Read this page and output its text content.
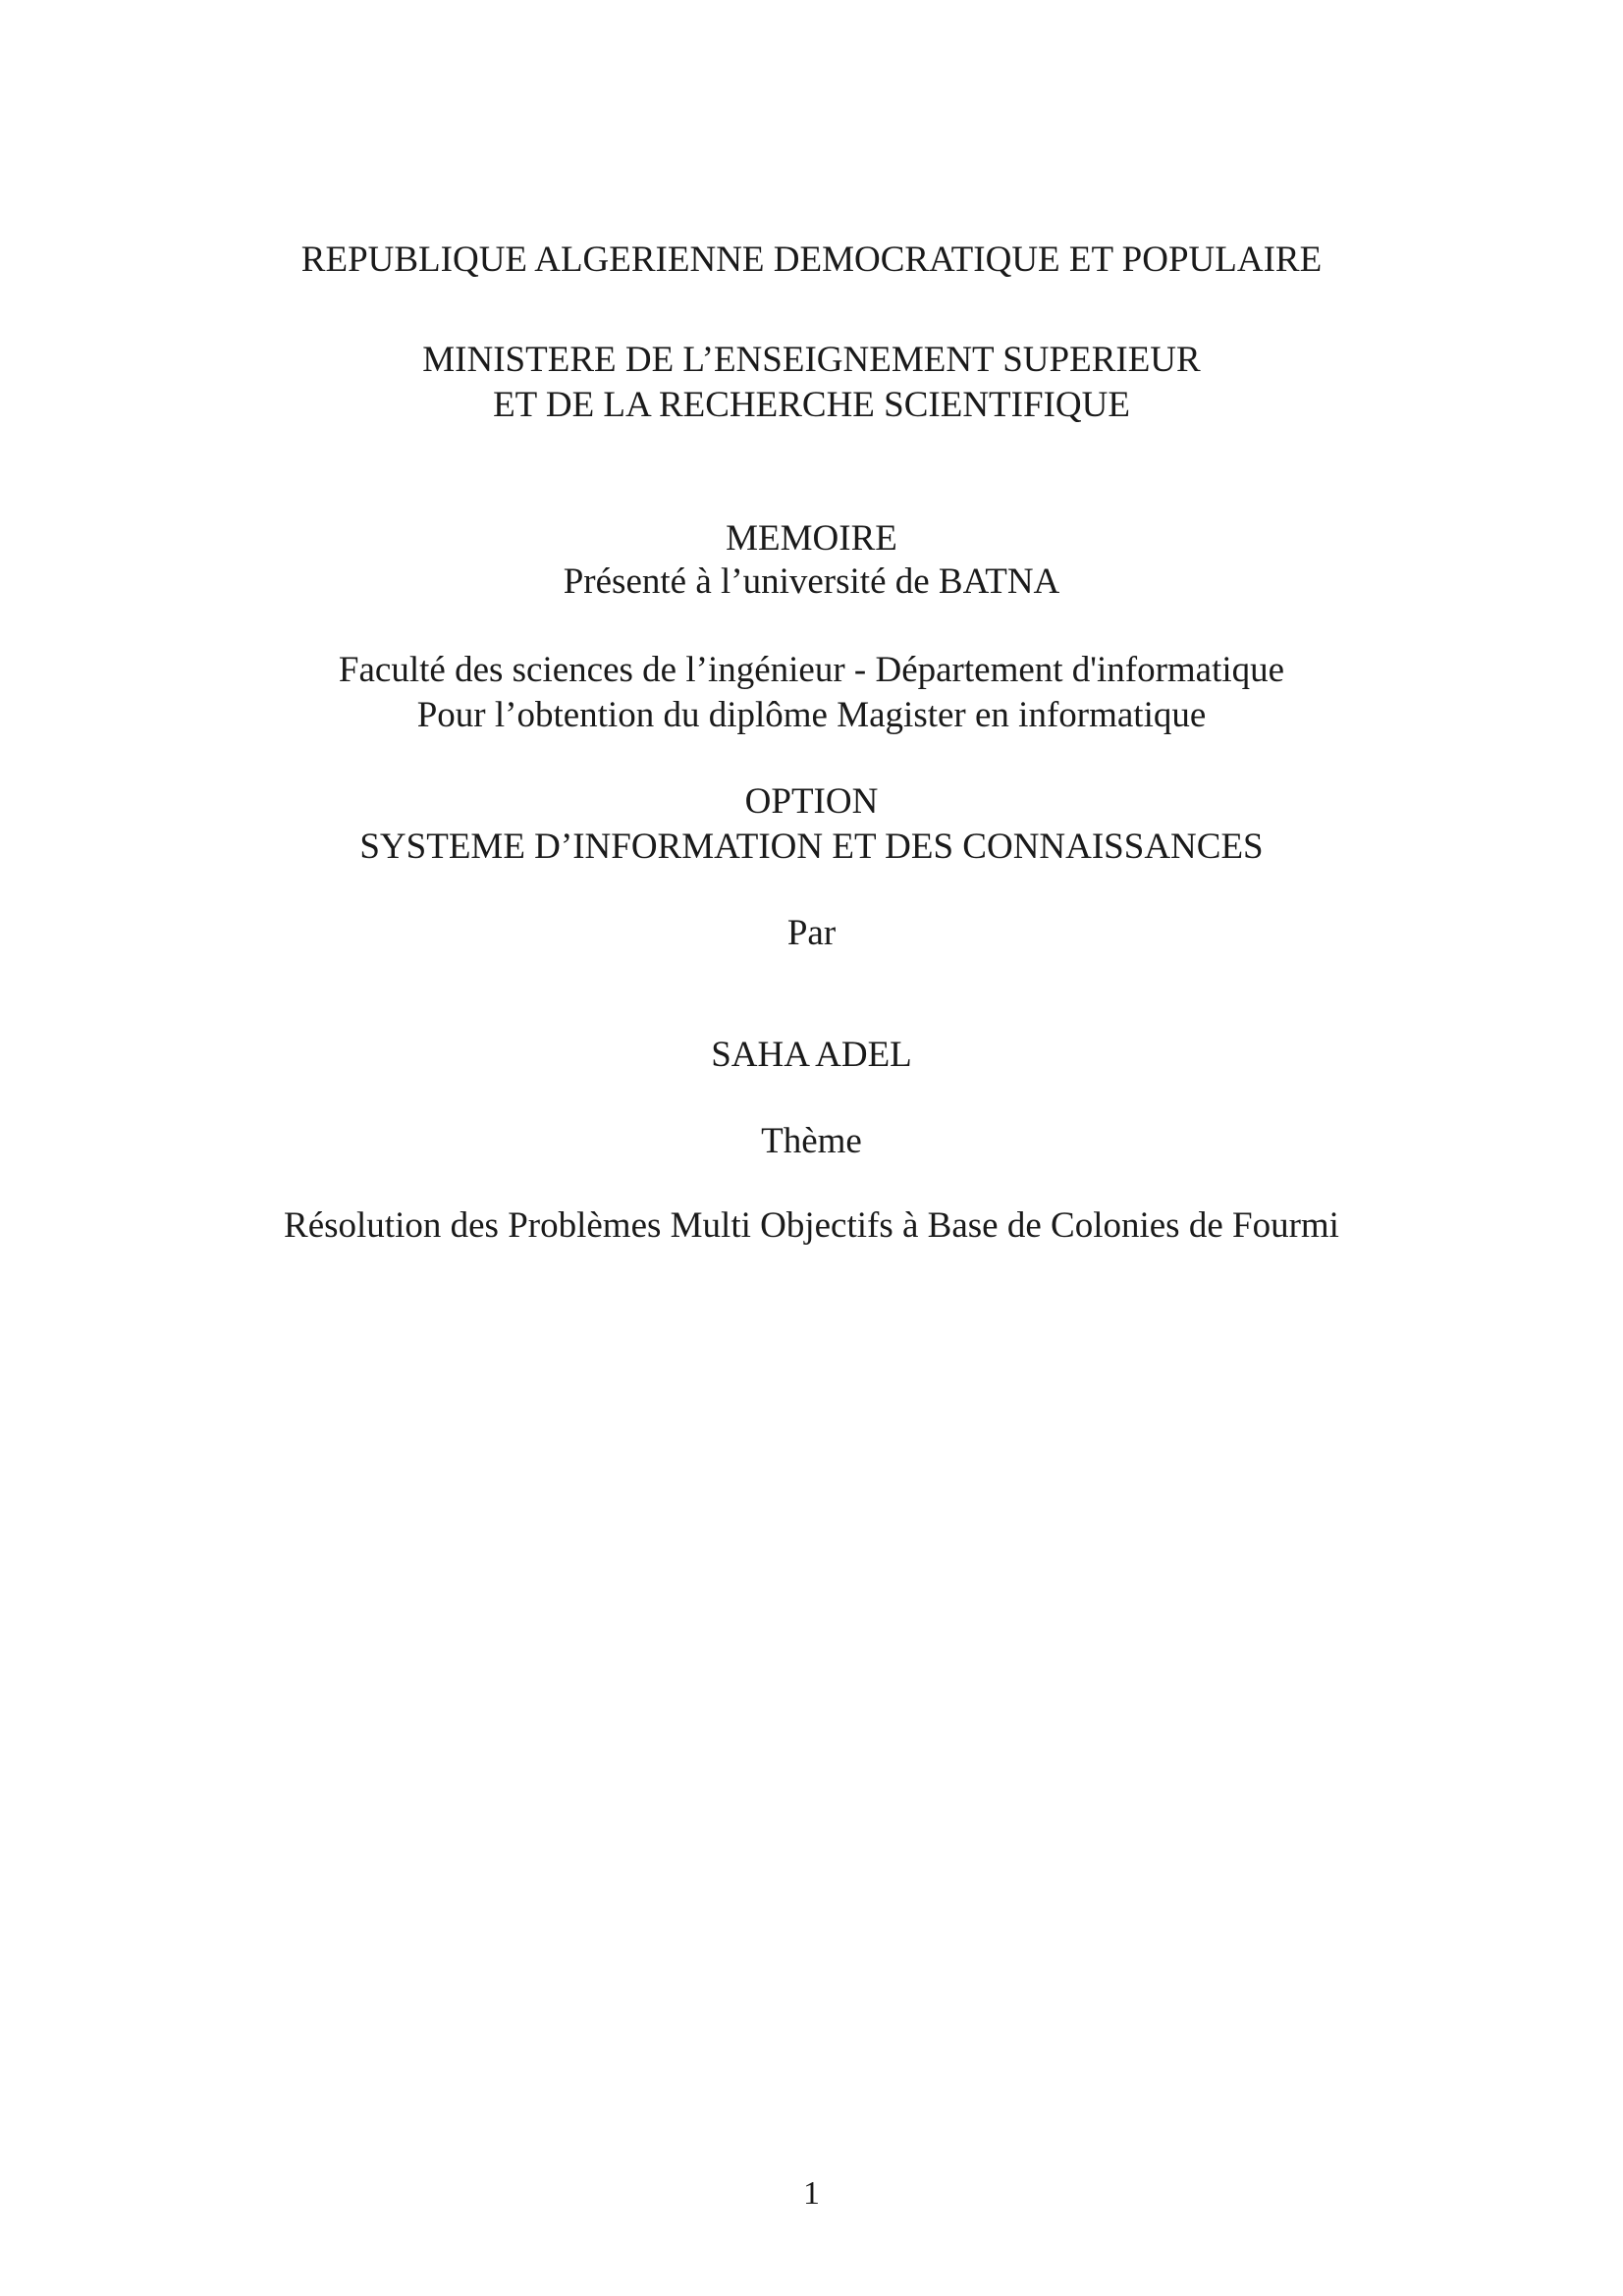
REPUBLIQUE ALGERIENNE DEMOCRATIQUE ET POPULAIRE

MINISTERE DE L’ENSEIGNEMENT SUPERIEUR

ET DE LA RECHERCHE SCIENTIFIQUE

MEMOIRE

Présenté à l’université de BATNA

Faculté des sciences de l’ingénieur - Département d'informatique

Pour l’obtention du diplôme Magister en informatique

OPTION

SYSTEME D’INFORMATION ET DES CONNAISSANCES

Par

SAHA ADEL

Thème

Résolution des Problèmes Multi Objectifs à Base de Colonies de Fourmi

1
